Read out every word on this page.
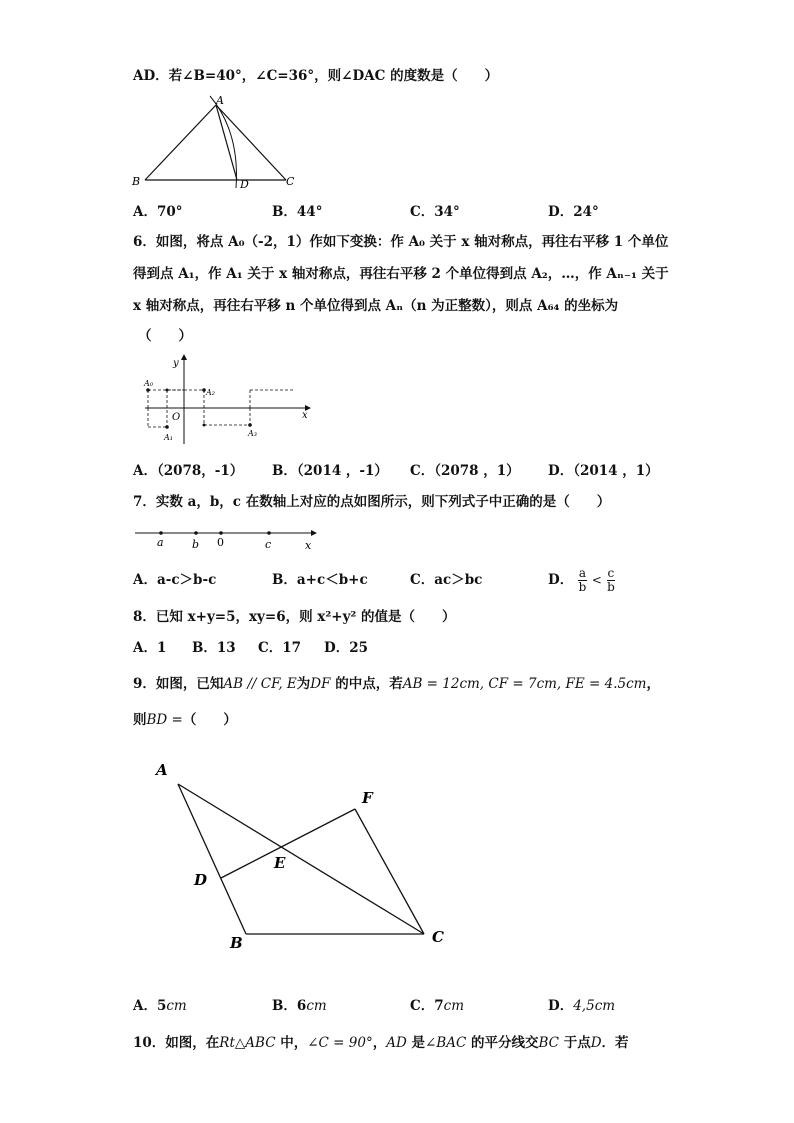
AD．若∠B=40°，∠C=36°，则∠DAC 的度数是（　　）
A
B	D	C
A．70°	B．44°	C．34°	D．24°
6．如图，将点 A₀（-2，1）作如下变换：作 A₀ 关于 x 轴对称点，再往右平移 1 个单位
得到点 A₁，作 A₁ 关于 x 轴对称点，再往右平移 2 个单位得到点 A₂，…，作 Aₙ₋₁ 关于
x 轴对称点，再往右平移 n 个单位得到点 Aₙ（n 为正整数），则点 A₆₄ 的坐标为
（　　）
y
x
O
A₀
A₁
A₂
A₃
A．（2078，-1） B．（2014 ，-1） C．（2078 ，1） D．（2014 ，1）
7．实数 a，b，c 在数轴上对应的点如图所示，则下列式子中正确的是（　　）
a	b 0	c	x
A．a-c＞b-c	B．a+c＜b+c	C．ac＞bc	D． $\frac{a}{b} < \frac{c}{b}$
8．已知 x+y=5，xy=6，则 x²+y² 的值是（　　）
A．1 B．13 C．17 D．25
9．如图，已知AB // CF, E为DF 的中点，若AB = 12cm, CF = 7cm, FE = 4.5cm，
则BD =（　　）
A
F
E
D
B	C
A．5cm	B．6cm	C．7cm	D．4,5cm
10．如图，在Rt△ABC 中，∠C = 90°，AD 是∠BAC 的平分线交BC 于点D．若
